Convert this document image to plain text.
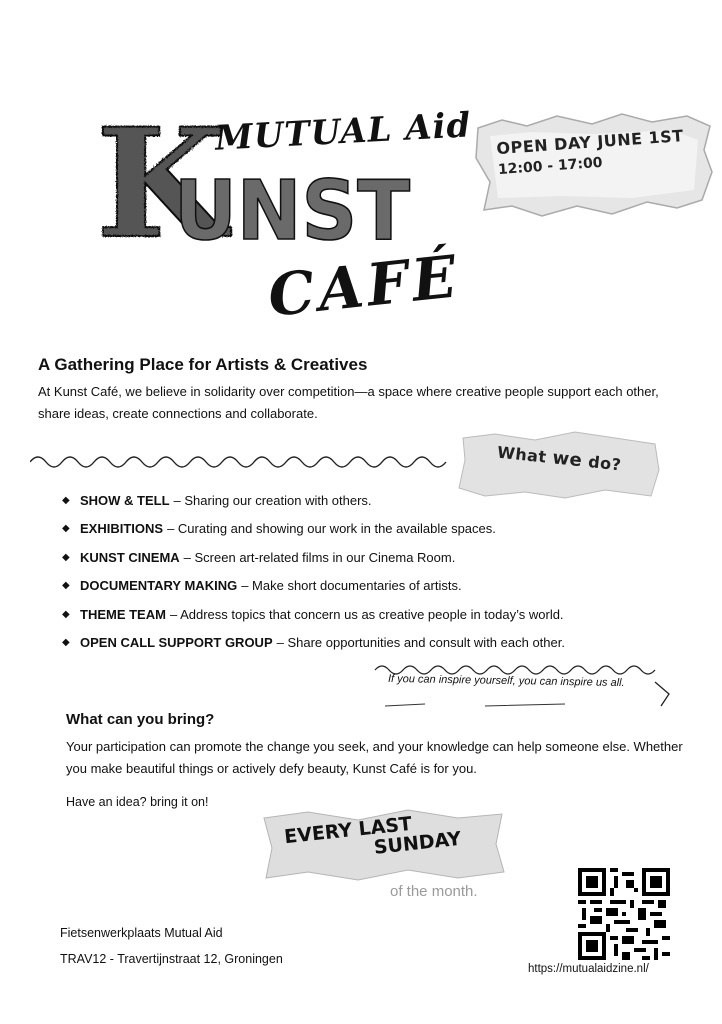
MUTUAL Aid
K
UNST
CAFÉ
OPEN DAY JUNE 1ST
12:00 - 17:00
A Gathering Place for Artists & Creatives
At Kunst Café, we believe in solidarity over competition—a space where creative people support each other, share ideas, create connections and collaborate.
What we do?
◆ SHOW & TELL – Sharing our creation with others.
◆ EXHIBITIONS – Curating and showing our work in the available spaces.
◆ KUNST CINEMA – Screen art-related films in our Cinema Room.
◆ DOCUMENTARY MAKING – Make short documentaries of artists.
◆ THEME TEAM – Address topics that concern us as creative people in today’s world.
◆ OPEN CALL SUPPORT GROUP – Share opportunities and consult with each other.
If you can inspire yourself, you can inspire us all.
What can you bring?
Your participation can promote the change you seek, and your knowledge can help someone else. Whether you make beautiful things or actively defy beauty, Kunst Café is for you.
Have an idea? bring it on!
EVERY LAST
SUNDAY
of the month.
Fietsenwerkplaats Mutual Aid
TRAV12 - Travertijnstraat 12, Groningen
https://mutualaidzine.nl/
